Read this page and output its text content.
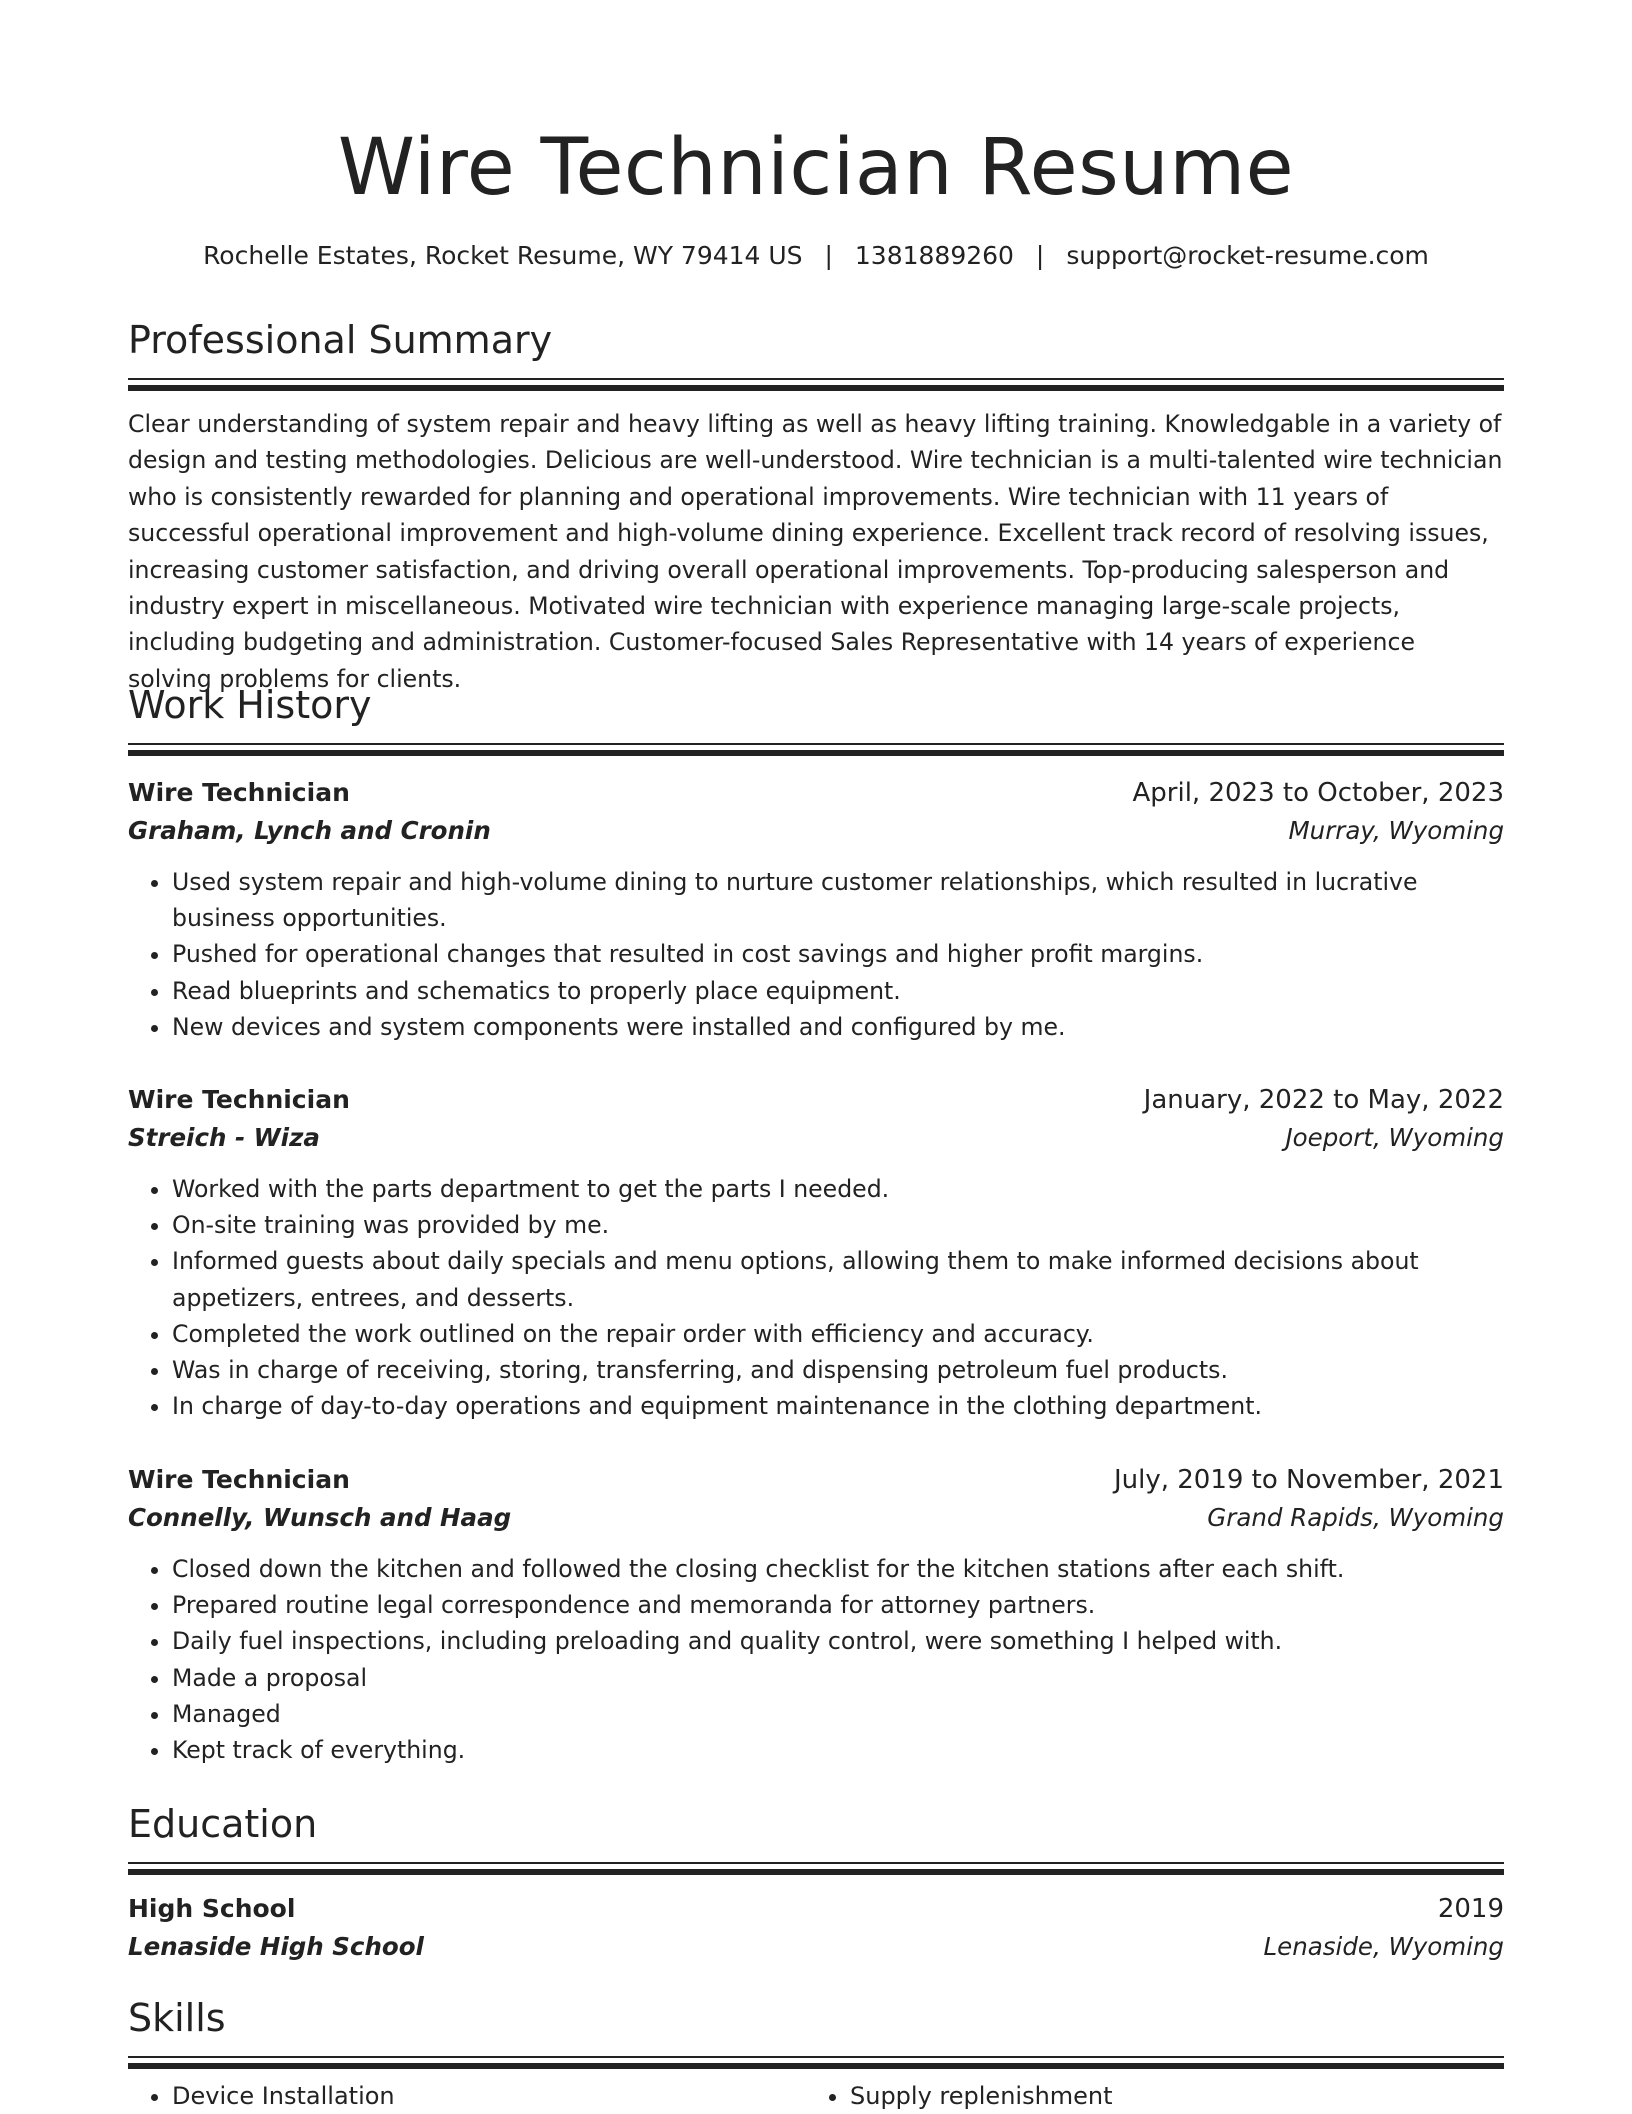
Wire Technician Resume
Rochelle Estates, Rocket Resume, WY 79414 US | 1381889260 | support@rocket-resume.com
Professional Summary

Clear understanding of system repair and heavy lifting as well as heavy lifting training. Knowledgable in a variety of design and testing methodologies. Delicious are well-understood. Wire technician is a multi-talented wire technician who is consistently rewarded for planning and operational improvements. Wire technician with 11 years of successful operational improvement and high-volume dining experience. Excellent track record of resolving issues, increasing customer satisfaction, and driving overall operational improvements. Top-producing salesperson and industry expert in miscellaneous. Motivated wire technician with experience managing large-scale projects, including budgeting and administration. Customer-focused Sales Representative with 14 years of experience solving problems for clients.

Work History
Wire Technician	April, 2023 to October, 2023
Graham, Lynch and Cronin	Murray, Wyoming
• Used system repair and high-volume dining to nurture customer relationships, which resulted in lucrative business opportunities.
• Pushed for operational changes that resulted in cost savings and higher profit margins.
• Read blueprints and schematics to properly place equipment.
• New devices and system components were installed and configured by me.
Wire Technician	January, 2022 to May, 2022
Streich - Wiza	Joeport, Wyoming
• Worked with the parts department to get the parts I needed.
• On-site training was provided by me.
• Informed guests about daily specials and menu options, allowing them to make informed decisions about appetizers, entrees, and desserts.
• Completed the work outlined on the repair order with efficiency and accuracy.
• Was in charge of receiving, storing, transferring, and dispensing petroleum fuel products.
• In charge of day-to-day operations and equipment maintenance in the clothing department.
Wire Technician	July, 2019 to November, 2021
Connelly, Wunsch and Haag	Grand Rapids, Wyoming
• Closed down the kitchen and followed the closing checklist for the kitchen stations after each shift.
• Prepared routine legal correspondence and memoranda for attorney partners.
• Daily fuel inspections, including preloading and quality control, were something I helped with.
• Made a proposal
• Managed
• Kept track of everything.
Education
High School	2019
Lenaside High School	Lenaside, Wyoming
Skills
• Device Installation
•	Supply replenishment
